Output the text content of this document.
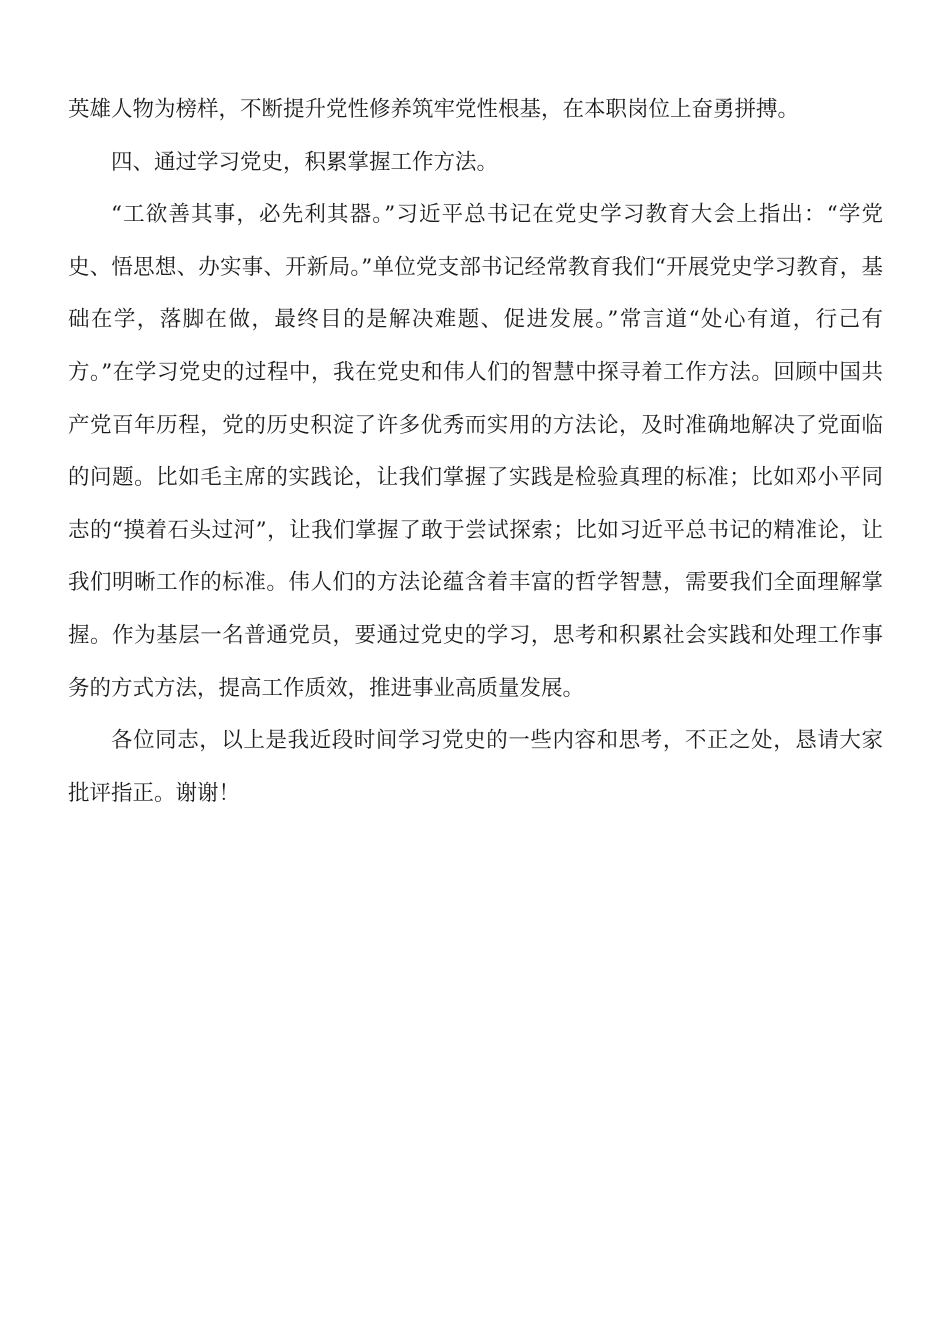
英雄人物为榜样，不断提升党性修养筑牢党性根基，在本职岗位上奋勇拼搏。

四、通过学习党史，积累掌握工作方法。

“工欲善其事，必先利其器。”习近平总书记在党史学习教育大会上指出：“学党史、悟思想、办实事、开新局。”单位党支部书记经常教育我们“开展党史学习教育，基础在学，落脚在做，最终目的是解决难题、促进发展。”常言道“处心有道，行己有方。”在学习党史的过程中，我在党史和伟人们的智慧中探寻着工作方法。回顾中国共产党百年历程，党的历史积淀了许多优秀而实用的方法论，及时准确地解决了党面临的问题。比如毛主席的实践论，让我们掌握了实践是检验真理的标准；比如邓小平同志的“摸着石头过河”，让我们掌握了敢于尝试探索；比如习近平总书记的精准论，让我们明晰工作的标准。伟人们的方法论蕴含着丰富的哲学智慧，需要我们全面理解掌握。作为基层一名普通党员，要通过党史的学习，思考和积累社会实践和处理工作事务的方式方法，提高工作质效，推进事业高质量发展。

各位同志，以上是我近段时间学习党史的一些内容和思考，不正之处，恳请大家批评指正。谢谢！
